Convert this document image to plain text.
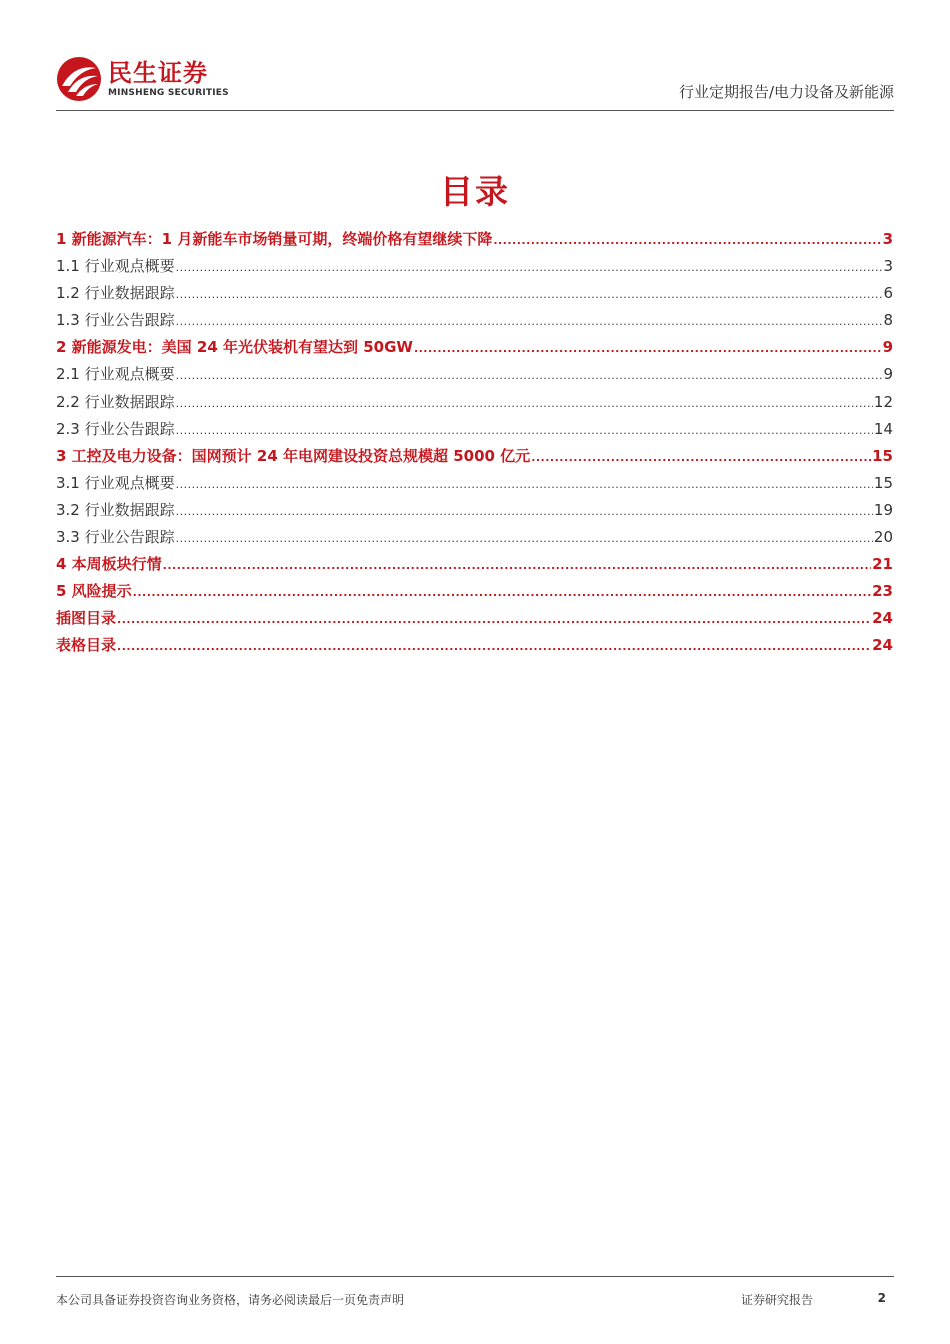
民生证券
MINSHENG SECURITIES	行业定期报告/电力设备及新能源
目录
1 新能源汽车：1 月新能车市场销量可期，终端价格有望继续下降 .....	3
1.1 行业观点概要 .....	3
1.2 行业数据跟踪 .....	6
1.3 行业公告跟踪 .....	8
2 新能源发电：美国 24 年光伏装机有望达到 50GW .....	9
2.1 行业观点概要 .....	9
2.2 行业数据跟踪 .....	12
2.3 行业公告跟踪 .....	14
3 工控及电力设备：国网预计 24 年电网建设投资总规模超 5000 亿元 .....	15
3.1 行业观点概要 .....	15
3.2 行业数据跟踪 .....	19
3.3 行业公告跟踪 .....	20
4 本周板块行情 .....	21
5 风险提示 .....	23
插图目录 .....	24
表格目录 .....	24
本公司具备证券投资咨询业务资格，请务必阅读最后一页免责声明	证券研究报告	2
